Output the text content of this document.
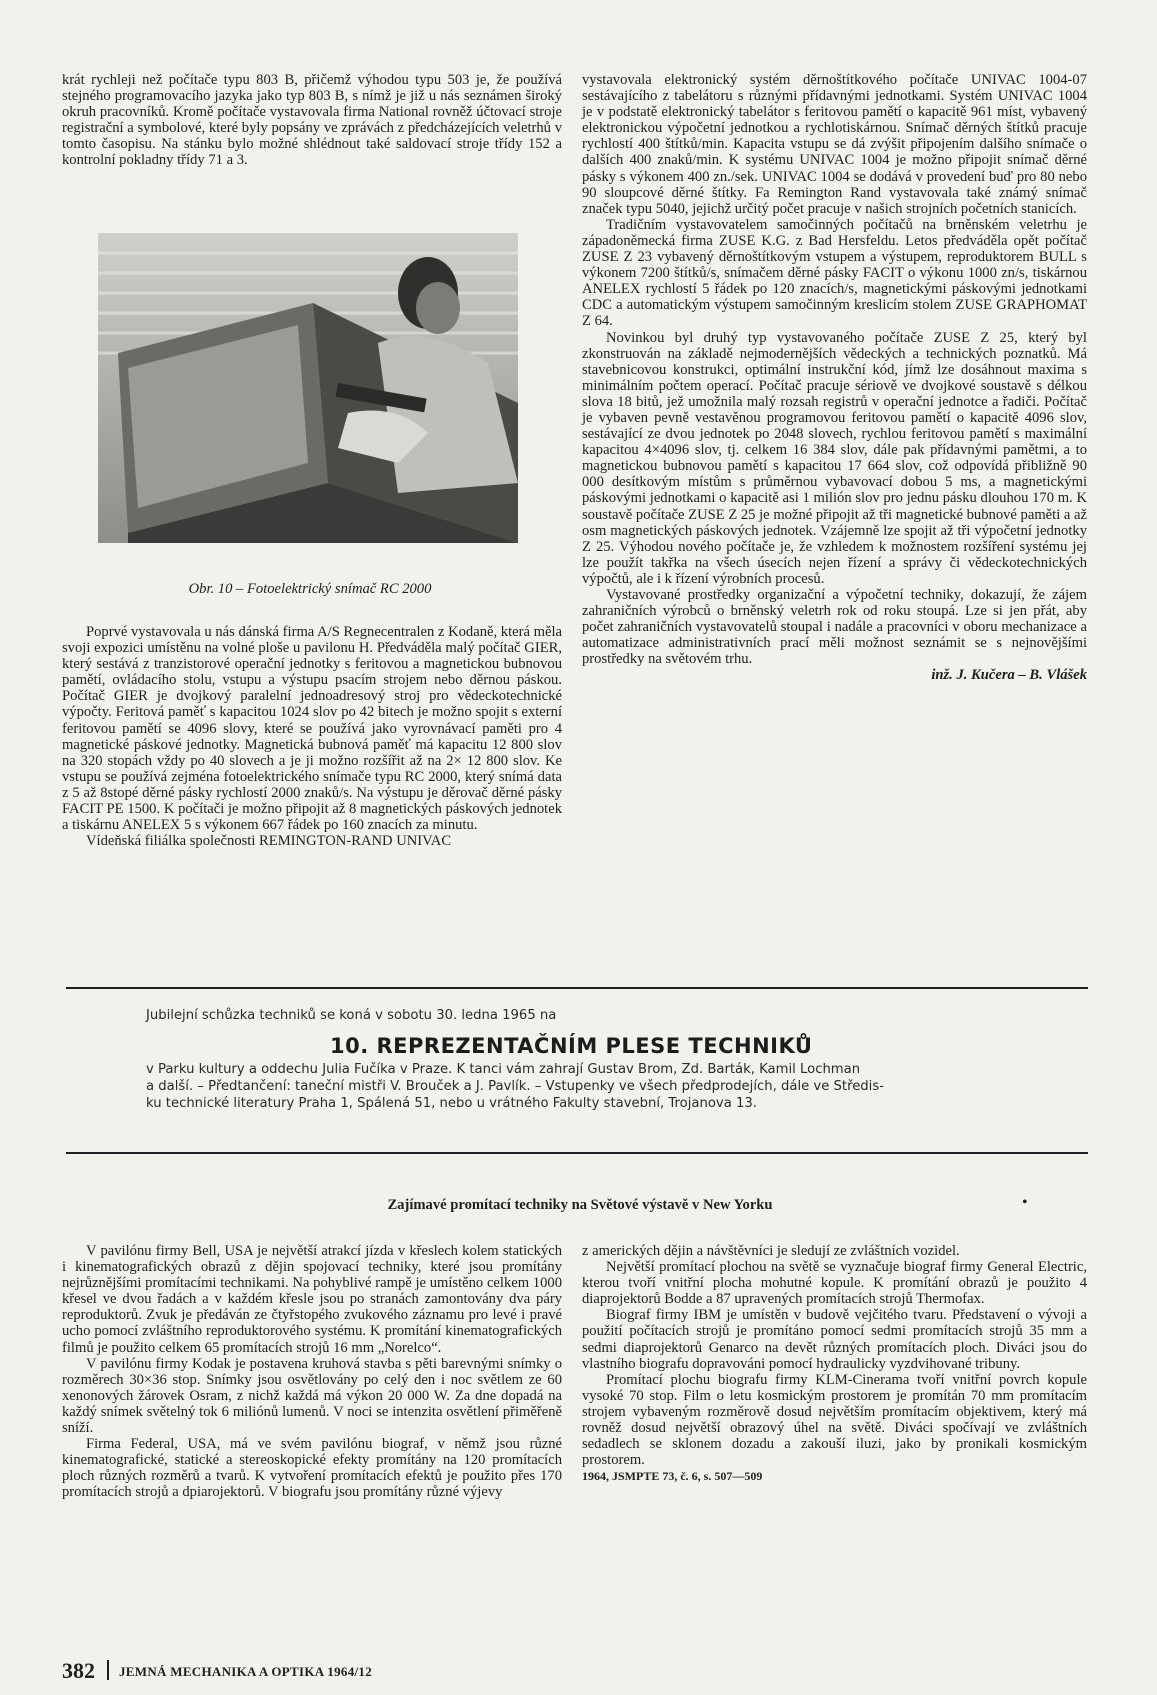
krát rychleji než počítače typu 803 B, přičemž výhodou typu 503 je, že používá stejného programovacího jazyka jako typ 803 B, s nímž je již u nás seznámen široký okruh pracovníků. Kromě počítače vystavovala firma National rovněž účtovací stroje registrační a symbolové, které byly popsány ve zprávách z předcházejících veletrhů v tomto časopisu. Na stánku bylo možné shlédnout také saldovací stroje třídy 152 a kontrolní pokladny třídy 71 a 3.

Obr. 10 – Fotoelektrický snímač RC 2000

Poprvé vystavovala u nás dánská firma A/S Regnecentralen z Kodaně, která měla svoji expozici umístěnu na volné ploše u pavilonu H. Předváděla malý počítač GIER, který sestává z tranzistorové operační jednotky s feritovou a magnetickou bubnovou pamětí, ovládacího stolu, vstupu a výstupu psacím strojem nebo děrnou páskou. Počítač GIER je dvojkový paralelní jednoadresový stroj pro vědeckotechnické výpočty. Feritová paměť s kapacitou 1024 slov po 42 bitech je možno spojit s externí feritovou pamětí se 4096 slovy, které se používá jako vyrovnávací paměti pro 4 magnetické páskové jednotky. Magnetická bubnová paměť má kapacitu 12 800 slov na 320 stopách vždy po 40 slovech a je ji možno rozšířit až na 2× 12 800 slov. Ke vstupu se používá zejména fotoelektrického snímače typu RC 2000, který snímá data z 5 až 8stopé děrné pásky rychlostí 2000 znaků/s. Na výstupu je děrovač děrné pásky FACIT PE 1500. K počítači je možno připojit až 8 magnetických páskových jednotek a tiskárnu ANELEX 5 s výkonem 667 řádek po 160 znacích za minutu.

Vídeňská filiálka společnosti REMINGTON-RAND UNIVAC

vystavovala elektronický systém děrnoštítkového počítače UNIVAC 1004-07 sestávajícího z tabelátoru s různými přídavnými jednotkami. Systém UNIVAC 1004 je v podstatě elektronický tabelátor s feritovou pamětí o kapacitě 961 míst, vybavený elektronickou výpočetní jednotkou a rychlotiskárnou. Snímač děrných štítků pracuje rychlostí 400 štítků/min. Kapacita vstupu se dá zvýšit připojením dalšího snímače o dalších 400 znaků/min. K systému UNIVAC 1004 je možno připojit snímač děrné pásky s výkonem 400 zn./sek. UNIVAC 1004 se dodává v provedení buď pro 80 nebo 90 sloupcové děrné štítky. Fa Remington Rand vystavovala také známý snímač značek typu 5040, jejichž určitý počet pracuje v našich strojních početních stanicích.

Tradičním vystavovatelem samočinných počítačů na brněnském veletrhu je západoněmecká firma ZUSE K.G. z Bad Hersfeldu. Letos předváděla opět počítač ZUSE Z 23 vybavený děrnoštítkovým vstupem a výstupem, reproduktorem BULL s výkonem 7200 štítků/s, snímačem děrné pásky FACIT o výkonu 1000 zn/s, tiskárnou ANELEX rychlostí 5 řádek po 120 znacích/s, magnetickými páskovými jednotkami CDC a automatickým výstupem samočinným kreslicím stolem ZUSE GRAPHOMAT Z 64.

Novinkou byl druhý typ vystavovaného počítače ZUSE Z 25, který byl zkonstruován na základě nejmodernějších vědeckých a technických poznatků. Má stavebnicovou konstrukci, optimální instrukční kód, jímž lze dosáhnout maxima s minimálním počtem operací. Počítač pracuje sériově ve dvojkové soustavě s délkou slova 18 bitů, jež umožnila malý rozsah registrů v operační jednotce a řadiči. Počítač je vybaven pevně vestavěnou programovou feritovou pamětí o kapacitě 4096 slov, sestávající ze dvou jednotek po 2048 slovech, rychlou feritovou pamětí s maximální kapacitou 4×4096 slov, tj. celkem 16 384 slov, dále pak přídavnými pamětmi, a to magnetickou bubnovou pamětí s kapacitou 17 664 slov, což odpovídá přibližně 90 000 desítkovým místům s průměrnou vybavovací dobou 5 ms, a magnetickými páskovými jednotkami o kapacitě asi 1 milión slov pro jednu pásku dlouhou 170 m. K soustavě počítače ZUSE Z 25 je možné připojit až tři magnetické bubnové paměti a až osm magnetických páskových jednotek. Vzájemně lze spojit až tři výpočetní jednotky Z 25. Výhodou nového počítače je, že vzhledem k možnostem rozšíření systému jej lze použít takřka na všech úsecích nejen řízení a správy či vědeckotechnických výpočtů, ale i k řízení výrobních procesů.

Vystavované prostředky organizační a výpočetní techniky, dokazují, že zájem zahraničních výrobců o brněnský veletrh rok od roku stoupá. Lze si jen přát, aby počet zahraničních vystavovatelů stoupal i nadále a pracovníci v oboru mechanizace a automatizace administrativních prací měli možnost seznámit se s nejnovějšími prostředky na světovém trhu.

inž. J. Kučera – B. Vlášek

Jubilejní schůzka techniků se koná v sobotu 30. ledna 1965 na
10. REPREZENTAČNÍM PLESE TECHNIKŮ
v Parku kultury a oddechu Julia Fučíka v Praze. K tanci vám zahrají Gustav Brom, Zd. Barták, Kamil Lochman
a další. – Předtančení: taneční mistři V. Brouček a J. Pavlík. – Vstupenky ve všech předprodejích, dále ve Středis-
ku technické literatury Praha 1, Spálená 51, nebo u vrátného Fakulty stavební, Trojanova 13.
Zajímavé promítací techniky na Světové výstavě v New Yorku	•

V pavilónu firmy Bell, USA je největší atrakcí jízda v křeslech kolem statických i kinematografických obrazů z dějin spojovací techniky, které jsou promítány nejrůznějšími promítacími technikami. Na pohyblivé rampě je umístěno celkem 1000 křesel ve dvou řadách a v každém křesle jsou po stranách zamontovány dva páry reproduktorů. Zvuk je předáván ze čtyřstopého zvukového záznamu pro levé i pravé ucho pomocí zvláštního reproduktorového systému. K promítání kinematografických filmů je použito celkem 65 promítacích strojů 16 mm „Norelco“.

V pavilónu firmy Kodak je postavena kruhová stavba s pěti barevnými snímky o rozměrech 30×36 stop. Snímky jsou osvětlovány po celý den i noc světlem ze 60 xenonových žárovek Osram, z nichž každá má výkon 20 000 W. Za dne dopadá na každý snímek světelný tok 6 miliónů lumenů. V noci se intenzita osvětlení přiměřeně sníží.

Firma Federal, USA, má ve svém pavilónu biograf, v němž jsou různé kinematografické, statické a stereoskopické efekty promítány na 120 promítacích ploch různých rozměrů a tvarů. K vytvoření promítacích efektů je použito přes 170 promítacích strojů a dpiarojektorů. V biografu jsou promítány různé výjevy

z amerických dějin a návštěvníci je sledují ze zvláštních vozidel.

Největší promítací plochou na světě se vyznačuje biograf firmy General Electric, kterou tvoří vnitřní plocha mohutné kopule. K promítání obrazů je použito 4 diaprojektorů Bodde a 87 upravených promítacích strojů Thermofax.

Biograf firmy IBM je umístěn v budově vejčitého tvaru. Představení o vývoji a použití počítacích strojů je promítáno pomocí sedmi promítacích strojů 35 mm a sedmi diaprojektorů Genarco na devět různých promítacích ploch. Diváci jsou do vlastního biografu dopravováni pomocí hydraulicky vyzdvihované tribuny.

Promítací plochu biografu firmy KLM-Cinerama tvoří vnitřní povrch kopule vysoké 70 stop. Film o letu kosmickým prostorem je promítán 70 mm promítacím strojem vybaveným rozměrově dosud největším promítacím objektivem, který má rovněž dosud největší obrazový úhel na světě. Diváci spočívají ve zvláštních sedadlech se sklonem dozadu a zakouší iluzi, jako by pronikali kosmickým prostorem.

1964, JSMPTE 73, č. 6, s. 507—509

382 JEMNÁ MECHANIKA A OPTIKA 1964/12
